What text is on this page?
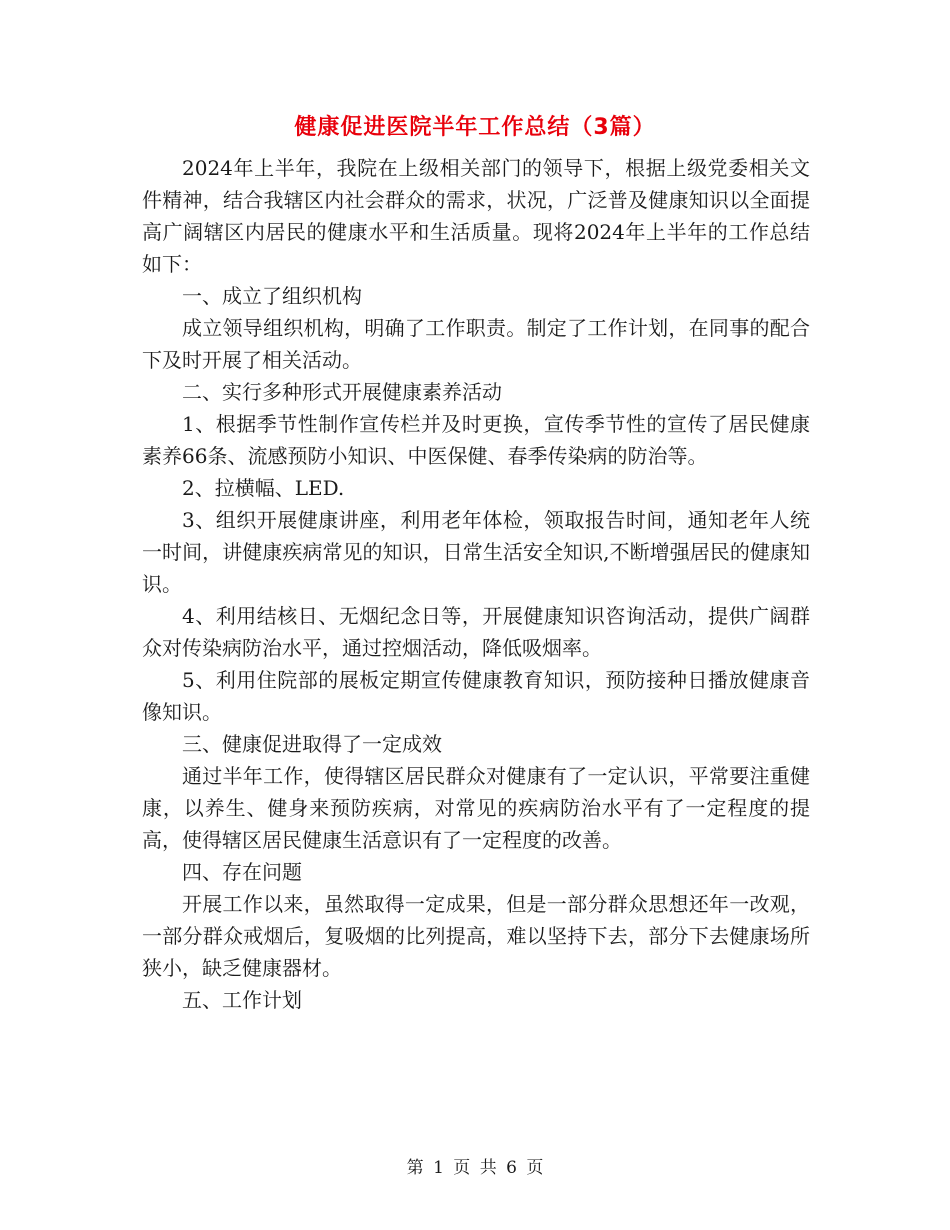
健康促进医院半年工作总结（3篇）

2024年上半年，我院在上级相关部门的领导下，根据上级党委相关文件精神，结合我辖区内社会群众的需求，状况，广泛普及健康知识以全面提高广阔辖区内居民的健康水平和生活质量。现将2024年上半年的工作总结如下：

一、成立了组织机构

成立领导组织机构，明确了工作职责。制定了工作计划，在同事的配合下及时开展了相关活动。

二、实行多种形式开展健康素养活动

1、根据季节性制作宣传栏并及时更换，宣传季节性的宣传了居民健康素养66条、流感预防小知识、中医保健、春季传染病的防治等。

2、拉横幅、LED.

3、组织开展健康讲座，利用老年体检，领取报告时间，通知老年人统一时间，讲健康疾病常见的知识，日常生活安全知识,不断增强居民的健康知识。

4、利用结核日、无烟纪念日等，开展健康知识咨询活动，提供广阔群众对传染病防治水平，通过控烟活动，降低吸烟率。

5、利用住院部的展板定期宣传健康教育知识，预防接种日播放健康音像知识。

三、健康促进取得了一定成效

通过半年工作，使得辖区居民群众对健康有了一定认识，平常要注重健康，以养生、健身来预防疾病，对常见的疾病防治水平有了一定程度的提高，使得辖区居民健康生活意识有了一定程度的改善。

四、存在问题

开展工作以来，虽然取得一定成果，但是一部分群众思想还年一改观，一部分群众戒烟后，复吸烟的比列提高，难以坚持下去，部分下去健康场所狭小，缺乏健康器材。

五、工作计划

第 1 页 共 6 页
